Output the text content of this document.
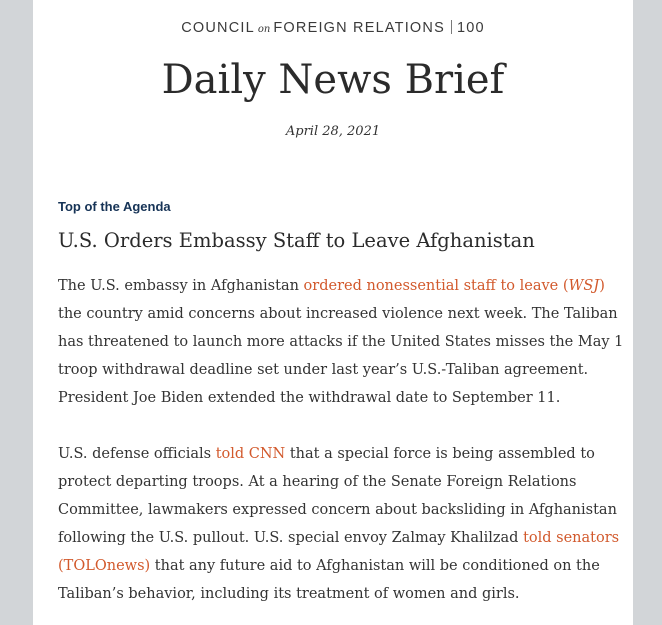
COUNCIL on FOREIGN RELATIONS 100
Daily News Brief
April 28, 2021
Top of the Agenda
U.S. Orders Embassy Staff to Leave Afghanistan

The U.S. embassy in Afghanistan ordered nonessential staff to leave (WSJ)
the country amid concerns about increased violence next week. The Taliban
has threatened to launch more attacks if the United States misses the May 1
troop withdrawal deadline set under last year’s U.S.-Taliban agreement.
President Joe Biden extended the withdrawal date to September 11.

U.S. defense officials told CNN that a special force is being assembled to
protect departing troops. At a hearing of the Senate Foreign Relations
Committee, lawmakers expressed concern about backsliding in Afghanistan
following the U.S. pullout. U.S. special envoy Zalmay Khalilzad told senators
(TOLOnews) that any future aid to Afghanistan will be conditioned on the
Taliban’s behavior, including its treatment of women and girls.
